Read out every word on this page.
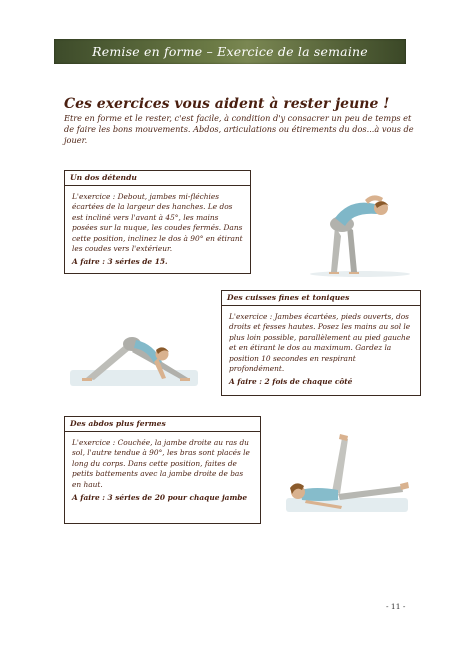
Remise en forme – Exercice de la semaine
Ces exercices vous aident à rester jeune !
Etre en forme et le rester, c'est facile, à condition d'y consacrer un peu de temps et de faire les bons mouvements. Abdos, articulations ou étirements du dos...à vous de jouer.
Un dos détendu
L'exercice : Debout, jambes mi-fléchies écartées de la largeur des hanches. Le dos est incliné vers l'avant à 45°, les mains posées sur la nuque, les coudes fermés. Dans cette position, inclinez le dos à 90° en étirant les coudes vers l'extérieur.
A faire : 3 séries de 15.
Des cuisses fines et toniques
L'exercice : Jambes écartées, pieds ouverts, dos droits et fesses hautes. Posez les mains au sol le plus loin possible, parallèlement au pied gauche et en étirant le dos au maximum. Gardez la position 10 secondes en respirant profondément.
A faire : 2 fois de chaque côté
Des abdos plus fermes
L'exercice : Couchée, la jambe droite au ras du sol, l'autre tendue à 90°, les bras sont placés le long du corps. Dans cette position, faites de petits battements avec la jambe droite de bas en haut.
A faire : 3 séries de 20 pour chaque jambe
- 11 -
